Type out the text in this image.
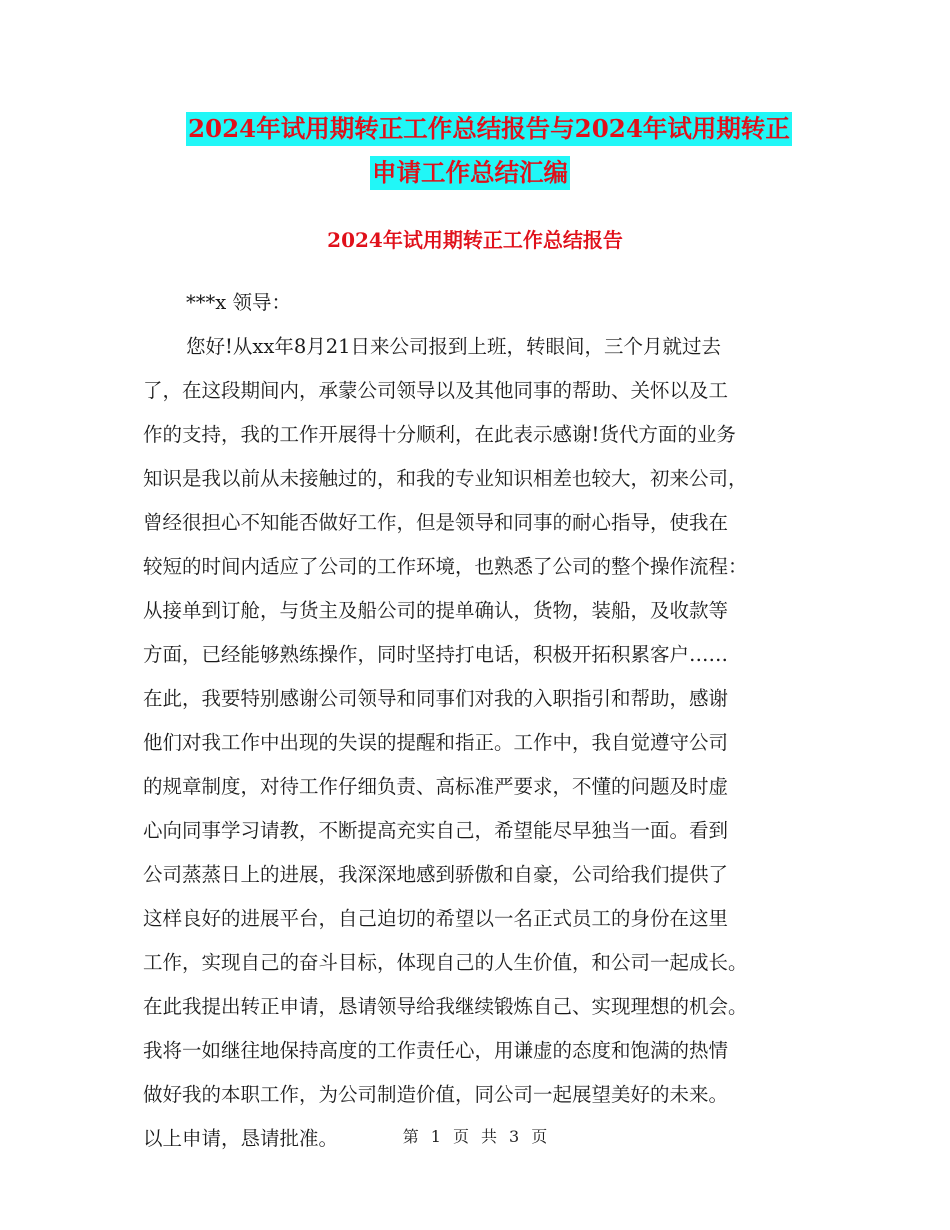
2024年试用期转正工作总结报告与2024年试用期转正
申请工作总结汇编
2024年试用期转正工作总结报告
***x 领导：
您好!从xx年8月21日来公司报到上班，转眼间，三个月就过去
了，在这段期间内，承蒙公司领导以及其他同事的帮助、关怀以及工
作的支持，我的工作开展得十分顺利，在此表示感谢!货代方面的业务
知识是我以前从未接触过的，和我的专业知识相差也较大，初来公司，
曾经很担心不知能否做好工作，但是领导和同事的耐心指导，使我在
较短的时间内适应了公司的工作环境，也熟悉了公司的整个操作流程：
从接单到订舱，与货主及船公司的提单确认，货物，装船，及收款等
方面，已经能够熟练操作，同时坚持打电话，积极开拓积累客户……
在此，我要特别感谢公司领导和同事们对我的入职指引和帮助，感谢
他们对我工作中出现的失误的提醒和指正。工作中，我自觉遵守公司
的规章制度，对待工作仔细负责、高标准严要求，不懂的问题及时虚
心向同事学习请教，不断提高充实自己，希望能尽早独当一面。看到
公司蒸蒸日上的进展，我深深地感到骄傲和自豪，公司给我们提供了
这样良好的进展平台，自己迫切的希望以一名正式员工的身份在这里
工作，实现自己的奋斗目标，体现自己的人生价值，和公司一起成长。
在此我提出转正申请，恳请领导给我继续锻炼自己、实现理想的机会。
我将一如继往地保持高度的工作责任心，用谦虚的态度和饱满的热情
做好我的本职工作，为公司制造价值，同公司一起展望美好的未来。
以上申请，恳请批准。	第 1 页 共 3 页
